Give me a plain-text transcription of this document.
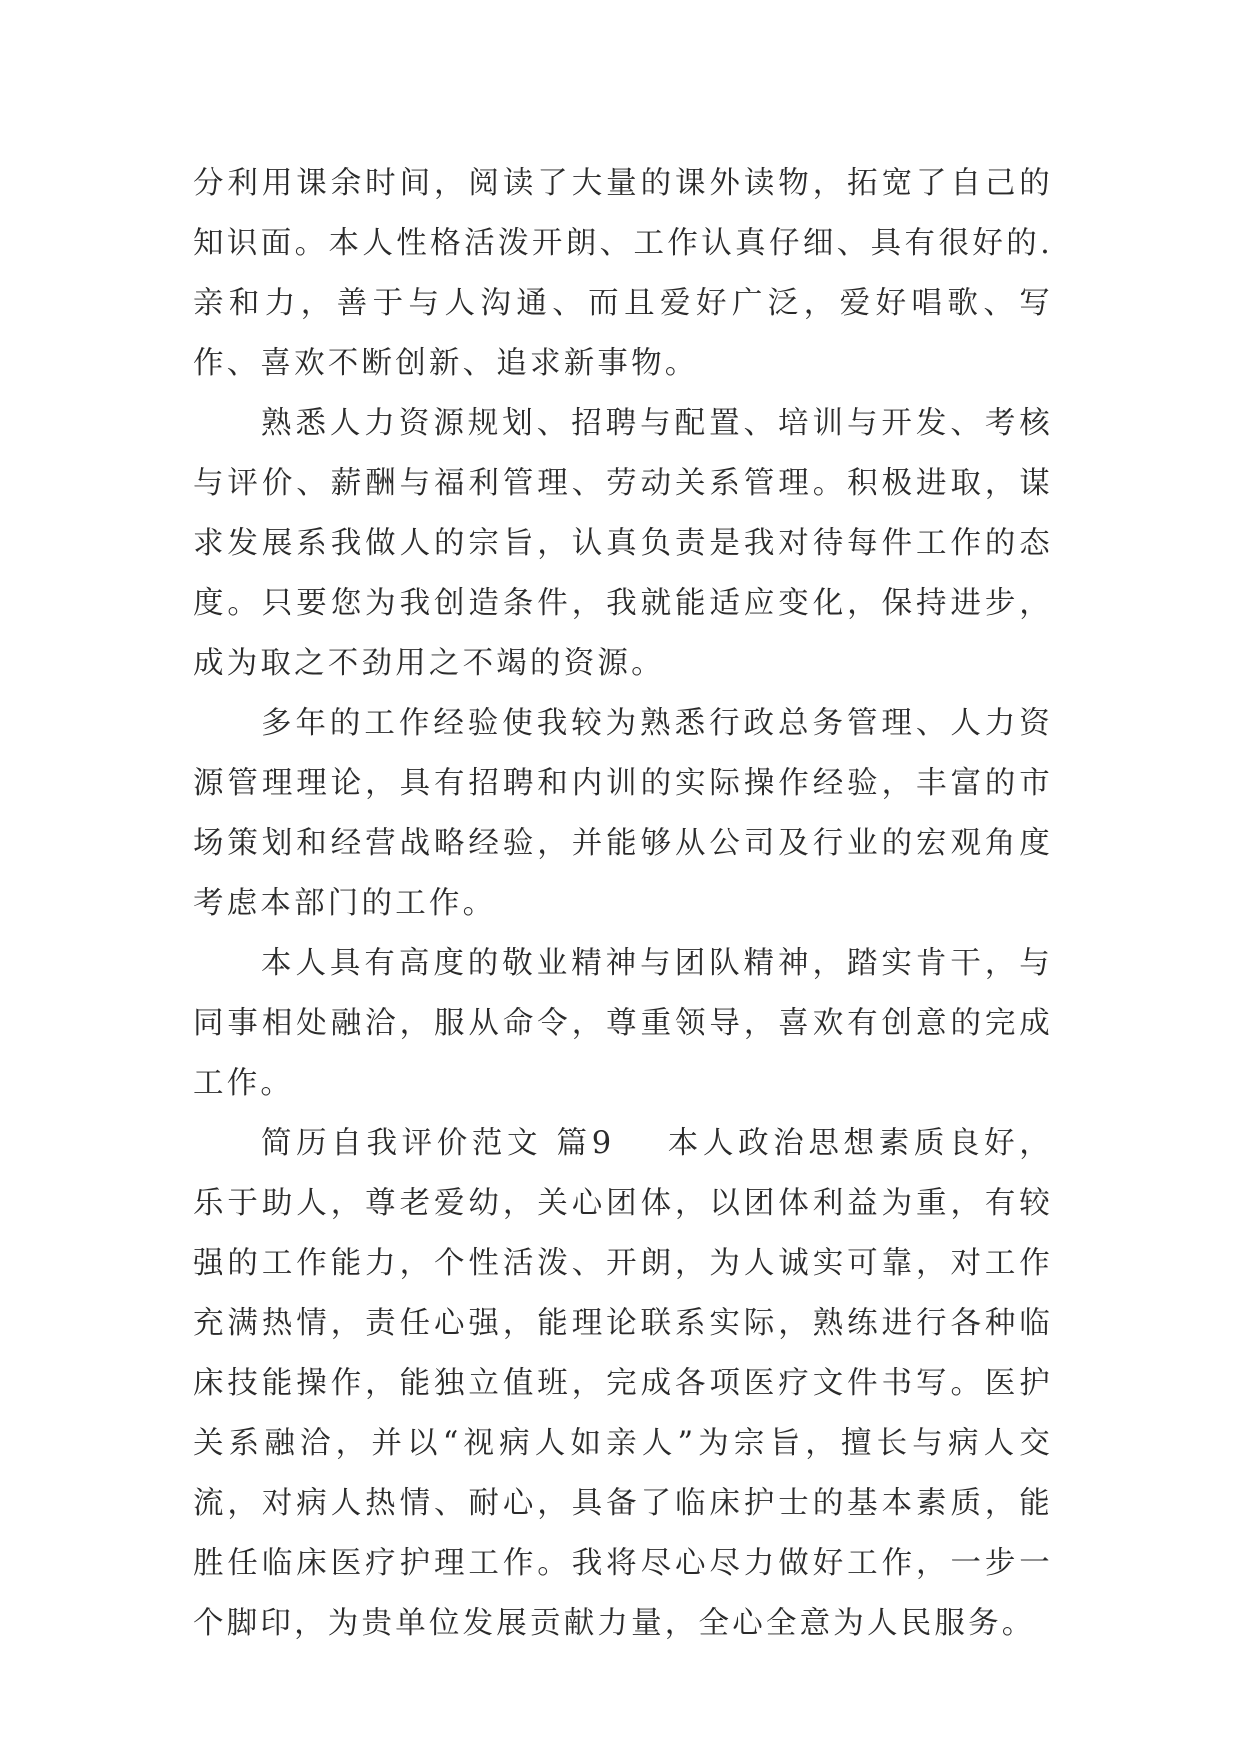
分利用课余时间，阅读了大量的课外读物，拓宽了自己的知识面。本人性格活泼开朗、工作认真仔细、具有很好的.亲和力，善于与人沟通、而且爱好广泛，爱好唱歌、写作、喜欢不断创新、追求新事物。

熟悉人力资源规划、招聘与配置、培训与开发、考核与评价、薪酬与福利管理、劳动关系管理。积极进取，谋求发展系我做人的宗旨，认真负责是我对待每件工作的态度。只要您为我创造条件，我就能适应变化，保持进步，成为取之不劲用之不竭的资源。

多年的工作经验使我较为熟悉行政总务管理、人力资源管理理论，具有招聘和内训的实际操作经验，丰富的市场策划和经营战略经验，并能够从公司及行业的宏观角度考虑本部门的工作。

本人具有高度的敬业精神与团队精神，踏实肯干，与同事相处融洽，服从命令，尊重领导，喜欢有创意的完成工作。

简历自我评价范文 篇9 本人政治思想素质良好，乐于助人，尊老爱幼，关心团体，以团体利益为重，有较强的工作能力，个性活泼、开朗，为人诚实可靠，对工作充满热情，责任心强，能理论联系实际，熟练进行各种临床技能操作，能独立值班，完成各项医疗文件书写。医护关系融洽，并以“视病人如亲人”为宗旨，擅长与病人交流，对病人热情、耐心，具备了临床护士的基本素质，能胜任临床医疗护理工作。我将尽心尽力做好工作，一步一个脚印，为贵单位发展贡献力量，全心全意为人民服务。
